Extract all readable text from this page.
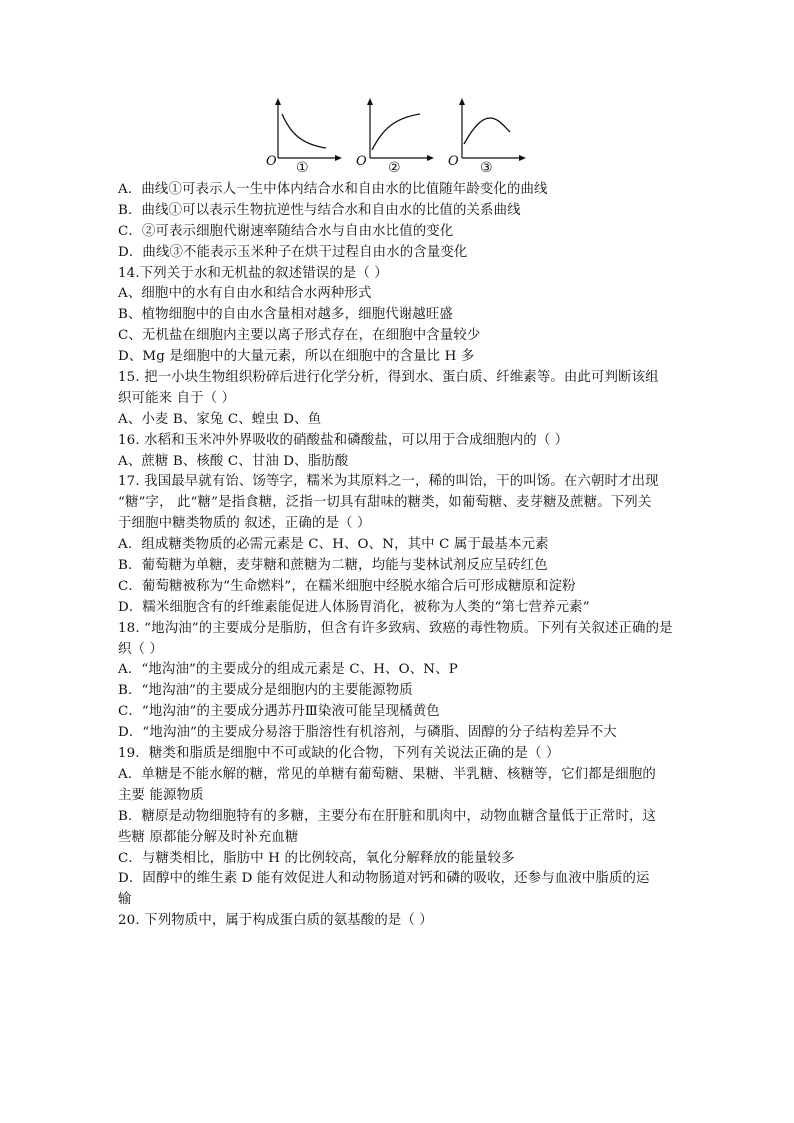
O ①	O ②	O ③
A．曲线①可表示人一生中体内结合水和自由水的比值随年龄变化的曲线
B．曲线①可以表示生物抗逆性与结合水和自由水的比值的关系曲线
C．②可表示细胞代谢速率随结合水与自由水比值的变化
D．曲线③不能表示玉米种子在烘干过程自由水的含量变化
14.下列关于水和无机盐的叙述错误的是（ ）
A、细胞中的水有自由水和结合水两种形式
B、植物细胞中的自由水含量相对越多，细胞代谢越旺盛
C、无机盐在细胞内主要以离子形式存在，在细胞中含量较少
D、Mg 是细胞中的大量元素，所以在细胞中的含量比 H 多
15. 把一小块生物组织粉碎后进行化学分析，得到水、蛋白质、纤维素等。由此可判断该组
织可能来 自于（ ）
A、小麦 B、家兔 C、蝗虫 D、鱼
16. 水稻和玉米冲外界吸收的硝酸盐和磷酸盐，可以用于合成细胞内的（ ）
A、蔗糖 B、核酸 C、甘油 D、脂肪酸
17. 我国最早就有饴、饧等字，糯米为其原料之一，稀的叫饴，干的叫饧。在六朝时才出现
“糖”字， 此“糖”是指食糖，泛指一切具有甜味的糖类，如葡萄糖、麦芽糖及蔗糖。下列关
于细胞中糖类物质的 叙述，正确的是（ ）
A．组成糖类物质的必需元素是 C、H、O、N，其中 C 属于最基本元素
B．葡萄糖为单糖，麦芽糖和蔗糖为二糖，均能与斐林试剂反应呈砖红色
C．葡萄糖被称为“生命燃料”，在糯米细胞中经脱水缩合后可形成糖原和淀粉
D．糯米细胞含有的纤维素能促进人体肠胃消化，被称为人类的“第七营养元素”
18. “地沟油”的主要成分是脂肪，但含有许多致病、致癌的毒性物质。下列有关叙述正确的是
织（ ）
A．“地沟油”的主要成分的组成元素是 C、H、O、N、P
B．“地沟油”的主要成分是细胞内的主要能源物质
C．“地沟油”的主要成分遇苏丹Ⅲ染液可能呈现橘黄色
D．“地沟油”的主要成分易溶于脂溶性有机溶剂，与磷脂、固醇的分子结构差异不大
19．糖类和脂质是细胞中不可或缺的化合物，下列有关说法正确的是（ ）
A．单糖是不能水解的糖，常见的单糖有葡萄糖、果糖、半乳糖、核糖等，它们都是细胞的
主要 能源物质
B．糖原是动物细胞特有的多糖，主要分布在肝脏和肌肉中，动物血糖含量低于正常时，这
些糖 原都能分解及时补充血糖
C．与糖类相比，脂肪中 H 的比例较高，氧化分解释放的能量较多
D．固醇中的维生素 D 能有效促进人和动物肠道对钙和磷的吸收，还参与血液中脂质的运
输
20. 下列物质中，属于构成蛋白质的氨基酸的是（ ）
